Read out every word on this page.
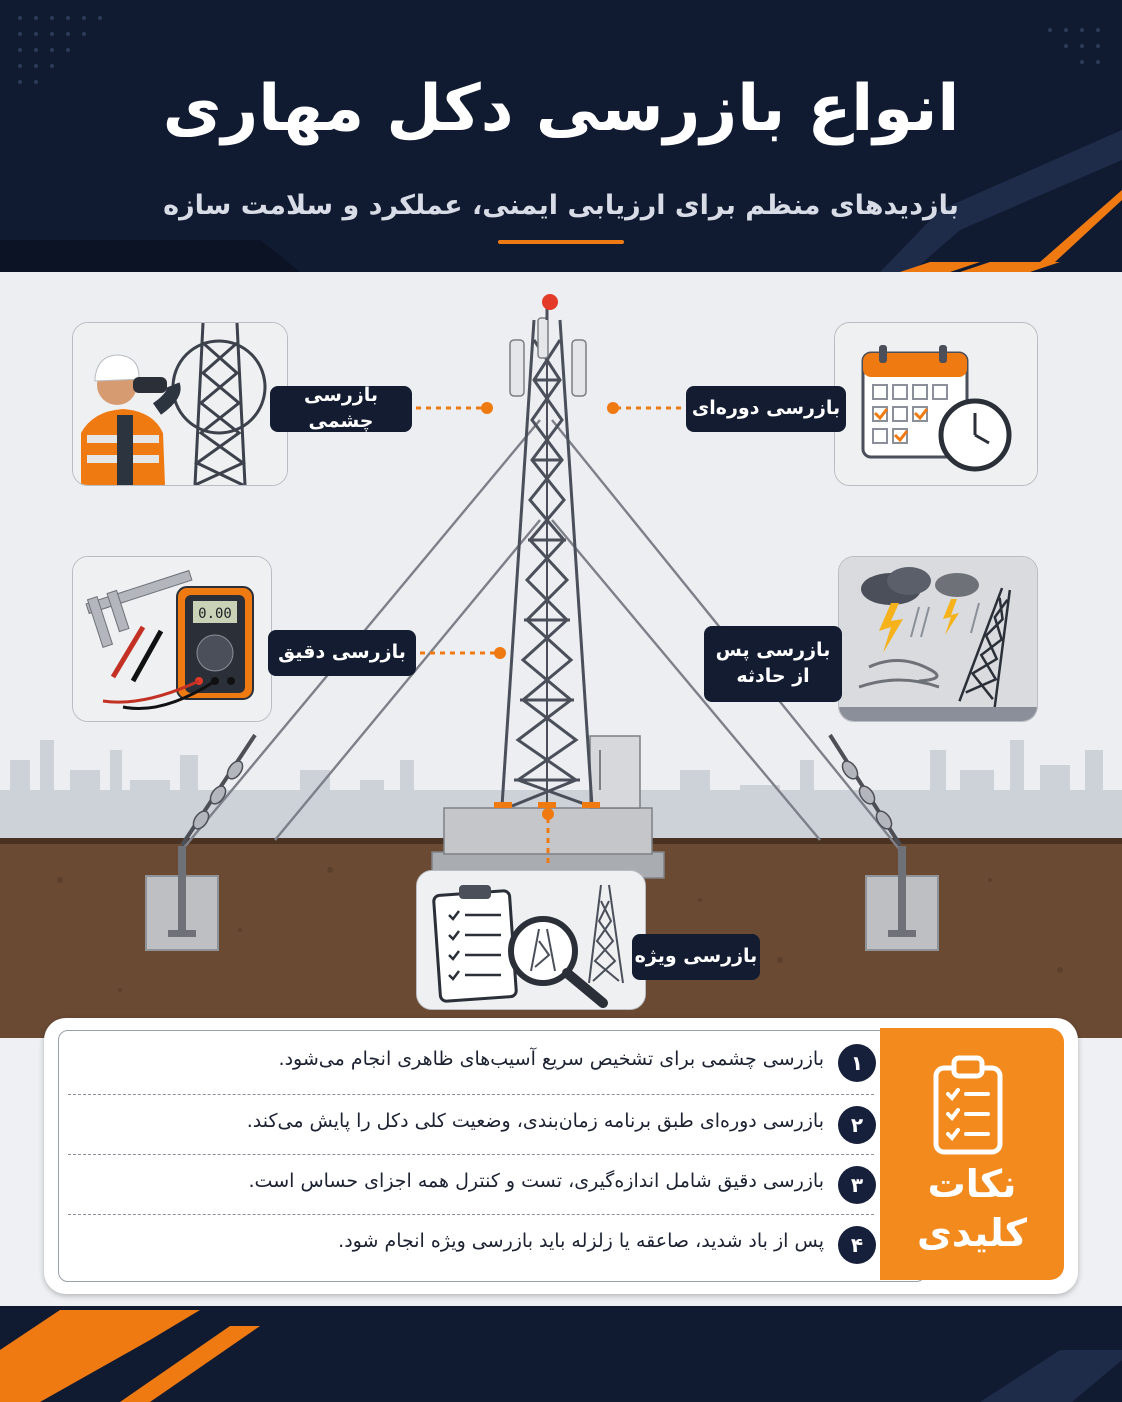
انواع بازرسی دکل مهاری
بازدیدهای منظم برای ارزیابی ایمنی، عملکرد و سلامت سازه
0.00
بازرسی چشمی
بازرسی دوره‌ای
بازرسی دقیق	بازرسی پس
از حادثه
بازرسی ویژه
نکات
کلیدی
۱
بازرسی چشمی برای تشخیص سریع آسیب‌های ظاهری انجام می‌شود.
۲
بازرسی دوره‌ای طبق برنامه زمان‌بندی، وضعیت کلی دکل را پایش می‌کند.
۳
بازرسی دقیق شامل اندازه‌گیری، تست و کنترل همه اجزای حساس است.
۴
پس از باد شدید، صاعقه یا زلزله باید بازرسی ویژه انجام شود.
